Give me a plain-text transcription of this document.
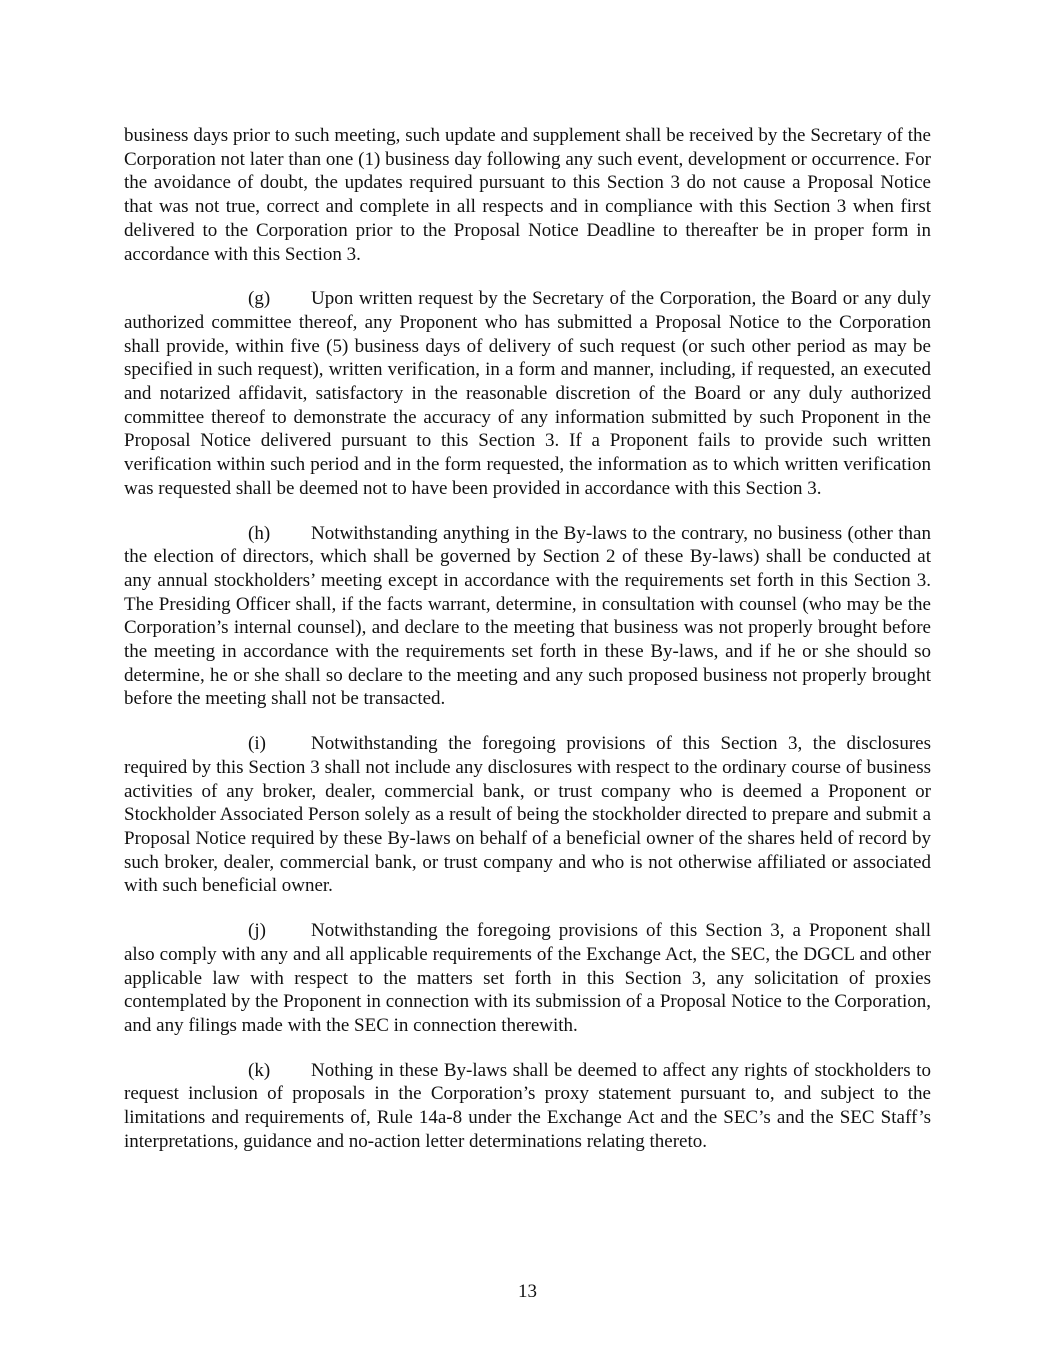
business days prior to such meeting, such update and supplement shall be received by the Secretary of the Corporation not later than one (1) business day following any such event, development or occurrence. For the avoidance of doubt, the updates required pursuant to this Section 3 do not cause a Proposal Notice that was not true, correct and complete in all respects and in compliance with this Section 3 when first delivered to the Corporation prior to the Proposal Notice Deadline to thereafter be in proper form in accordance with this Section 3.

(g) Upon written request by the Secretary of the Corporation, the Board or any duly authorized committee thereof, any Proponent who has submitted a Proposal Notice to the Corporation shall provide, within five (5) business days of delivery of such request (or such other period as may be specified in such request), written verification, in a form and manner, including, if requested, an executed and notarized affidavit, satisfactory in the reasonable discretion of the Board or any duly authorized committee thereof to demonstrate the accuracy of any information submitted by such Proponent in the Proposal Notice delivered pursuant to this Section 3. If a Proponent fails to provide such written verification within such period and in the form requested, the information as to which written verification was requested shall be deemed not to have been provided in accordance with this Section 3.

(h) Notwithstanding anything in the By-laws to the contrary, no business (other than the election of directors, which shall be governed by Section 2 of these By-laws) shall be conducted at any annual stockholders’ meeting except in accordance with the requirements set forth in this Section 3. The Presiding Officer shall, if the facts warrant, determine, in consultation with counsel (who may be the Corporation’s internal counsel), and declare to the meeting that business was not properly brought before the meeting in accordance with the requirements set forth in these By-laws, and if he or she should so determine, he or she shall so declare to the meeting and any such proposed business not properly brought before the meeting shall not be transacted.

(i) Notwithstanding the foregoing provisions of this Section 3, the disclosures required by this Section 3 shall not include any disclosures with respect to the ordinary course of business activities of any broker, dealer, commercial bank, or trust company who is deemed a Proponent or Stockholder Associated Person solely as a result of being the stockholder directed to prepare and submit a Proposal Notice required by these By-laws on behalf of a beneficial owner of the shares held of record by such broker, dealer, commercial bank, or trust company and who is not otherwise affiliated or associated with such beneficial owner.

(j) Notwithstanding the foregoing provisions of this Section 3, a Proponent shall also comply with any and all applicable requirements of the Exchange Act, the SEC, the DGCL and other applicable law with respect to the matters set forth in this Section 3, any solicitation of proxies contemplated by the Proponent in connection with its submission of a Proposal Notice to the Corporation, and any filings made with the SEC in connection therewith.

(k) Nothing in these By-laws shall be deemed to affect any rights of stockholders to request inclusion of proposals in the Corporation’s proxy statement pursuant to, and subject to the limitations and requirements of, Rule 14a-8 under the Exchange Act and the SEC’s and the SEC Staff’s interpretations, guidance and no-action letter determinations relating thereto.

13
